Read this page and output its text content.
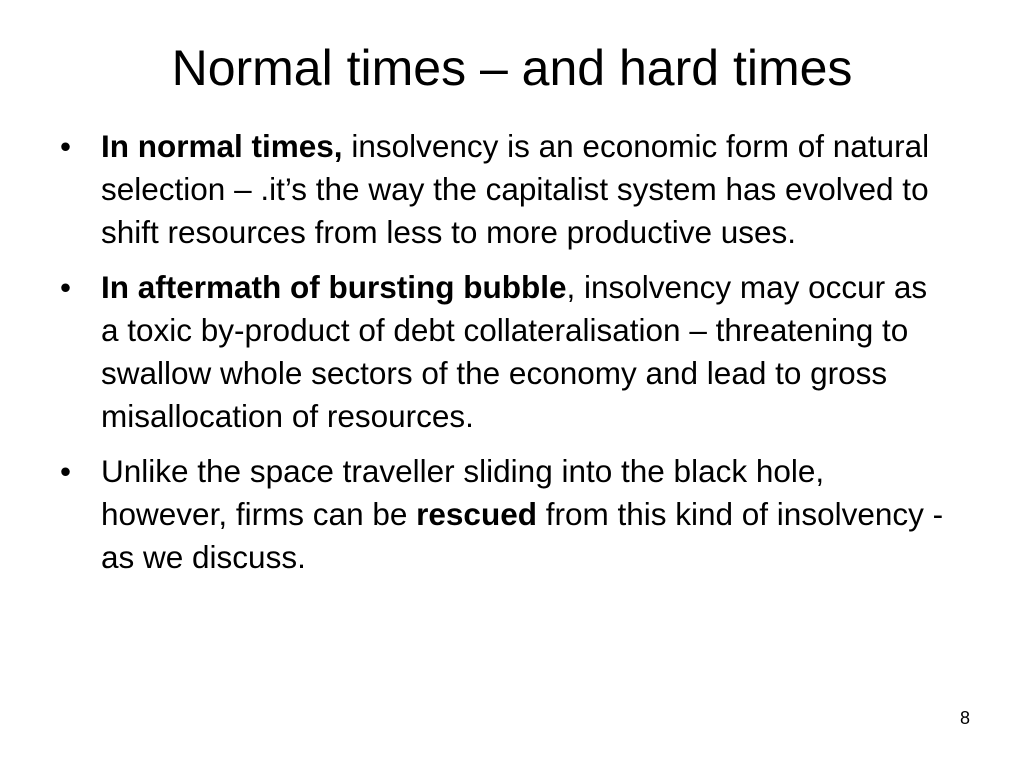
Normal times – and hard times
• In normal times, insolvency is an economic form of natural selection – .it’s the way the capitalist system has evolved to shift resources from less to more productive uses.
• In aftermath of bursting bubble, insolvency may occur as a toxic by-product of debt collateralisation – threatening to swallow whole sectors of the economy and lead to gross misallocation of resources.
• Unlike the space traveller sliding into the black hole, however, firms can be rescued from this kind of insolvency - as we discuss.
8
